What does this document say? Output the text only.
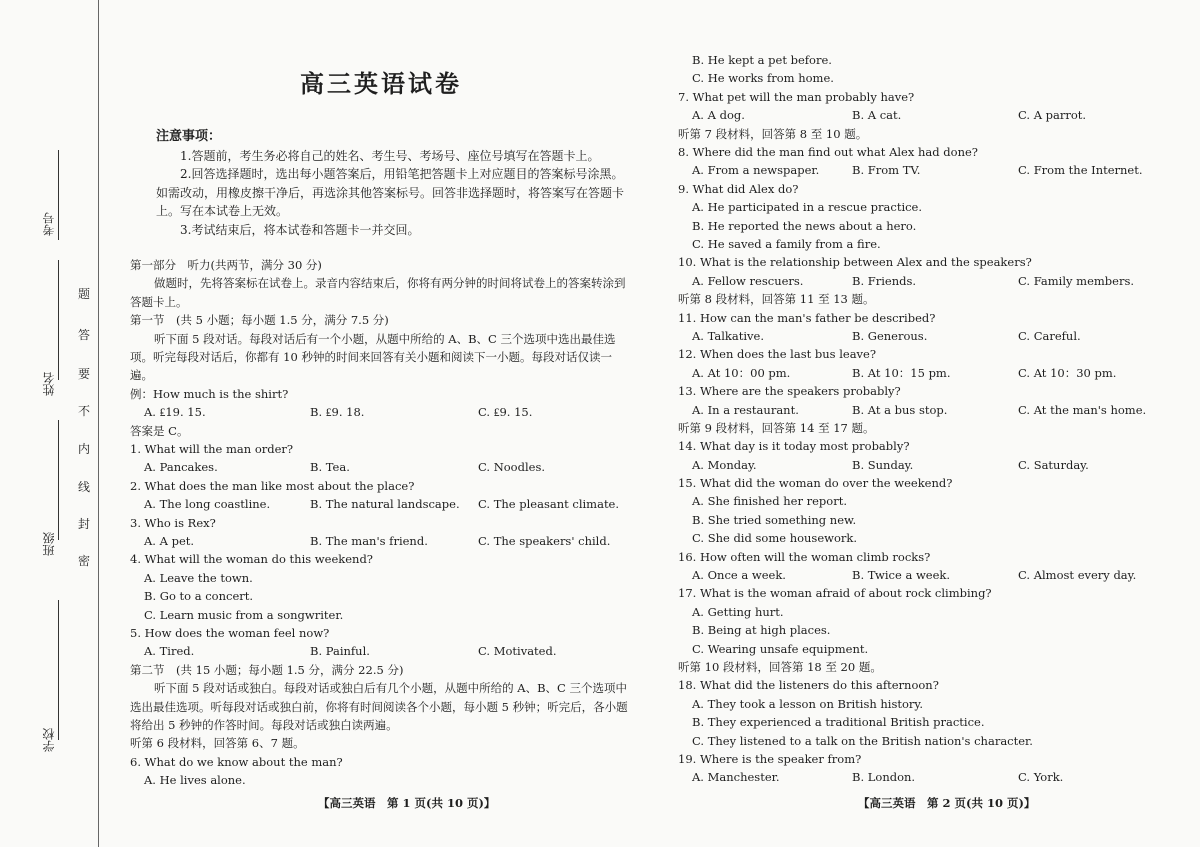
考号
姓名
班级
学校
题
答
要
不
内
线
封
密
高三英语试卷
注意事项：
1.答题前，考生务必将自己的姓名、考生号、考场号、座位号填写在答题卡上。
2.回答选择题时，选出每小题答案后，用铅笔把答题卡上对应题目的答案标号涂黑。如需改动，用橡皮擦干净后，再选涂其他答案标号。回答非选择题时，将答案写在答题卡上。写在本试卷上无效。
3.考试结束后，将本试卷和答题卡一并交回。
第一部分　听力(共两节，满分 30 分)
做题时，先将答案标在试卷上。录音内容结束后，你将有两分钟的时间将试卷上的答案转涂到答题卡上。
第一节　(共 5 小题；每小题 1.5 分，满分 7.5 分)
听下面 5 段对话。每段对话后有一个小题，从题中所给的 A、B、C 三个选项中选出最佳选项。听完每段对话后，你都有 10 秒钟的时间来回答有关小题和阅读下一小题。每段对话仅读一遍。
例：How much is the shirt?
A. ₤19. 15.	B. ₤9. 18.	C. ₤9. 15.
答案是 C。
1. What will the man order?
A. Pancakes.	B. Tea.	C. Noodles.
2. What does the man like most about the place?
A. The long coastline.	B. The natural landscape.	C. The pleasant climate.
3. Who is Rex?
A. A pet.	B. The man's friend.	C. The speakers' child.
4. What will the woman do this weekend?
A. Leave the town.
B. Go to a concert.
C. Learn music from a songwriter.
5. How does the woman feel now?
A. Tired.	B. Painful.	C. Motivated.
第二节　(共 15 小题；每小题 1.5 分，满分 22.5 分)
听下面 5 段对话或独白。每段对话或独白后有几个小题，从题中所给的 A、B、C 三个选项中选出最佳选项。听每段对话或独白前，你将有时间阅读各个小题，每小题 5 秒钟；听完后，各小题将给出 5 秒钟的作答时间。每段对话或独白读两遍。
听第 6 段材料，回答第 6、7 题。
6. What do we know about the man?
A. He lives alone.
B. He kept a pet before.
C. He works from home.
7. What pet will the man probably have?
A. A dog.	B. A cat.	C. A parrot.
听第 7 段材料，回答第 8 至 10 题。
8. Where did the man find out what Alex had done?
A. From a newspaper.	B. From TV.	C. From the Internet.
9. What did Alex do?
A. He participated in a rescue practice.
B. He reported the news about a hero.
C. He saved a family from a fire.
10. What is the relationship between Alex and the speakers?
A. Fellow rescuers.	B. Friends.	C. Family members.
听第 8 段材料，回答第 11 至 13 题。
11. How can the man's father be described?
A. Talkative.	B. Generous.	C. Careful.
12. When does the last bus leave?
A. At 10：00 pm.	B. At 10：15 pm.	C. At 10：30 pm.
13. Where are the speakers probably?
A. In a restaurant.	B. At a bus stop.	C. At the man's home.
听第 9 段材料，回答第 14 至 17 题。
14. What day is it today most probably?
A. Monday.	B. Sunday.	C. Saturday.
15. What did the woman do over the weekend?
A. She finished her report.
B. She tried something new.
C. She did some housework.
16. How often will the woman climb rocks?
A. Once a week.	B. Twice a week.	C. Almost every day.
17. What is the woman afraid of about rock climbing?
A. Getting hurt.
B. Being at high places.
C. Wearing unsafe equipment.
听第 10 段材料，回答第 18 至 20 题。
18. What did the listeners do this afternoon?
A. They took a lesson on British history.
B. They experienced a traditional British practice.
C. They listened to a talk on the British nation's character.
19. Where is the speaker from?
A. Manchester.	B. London.	C. York.
【高三英语　第 1 页(共 10 页)】	【高三英语　第 2 页(共 10 页)】
